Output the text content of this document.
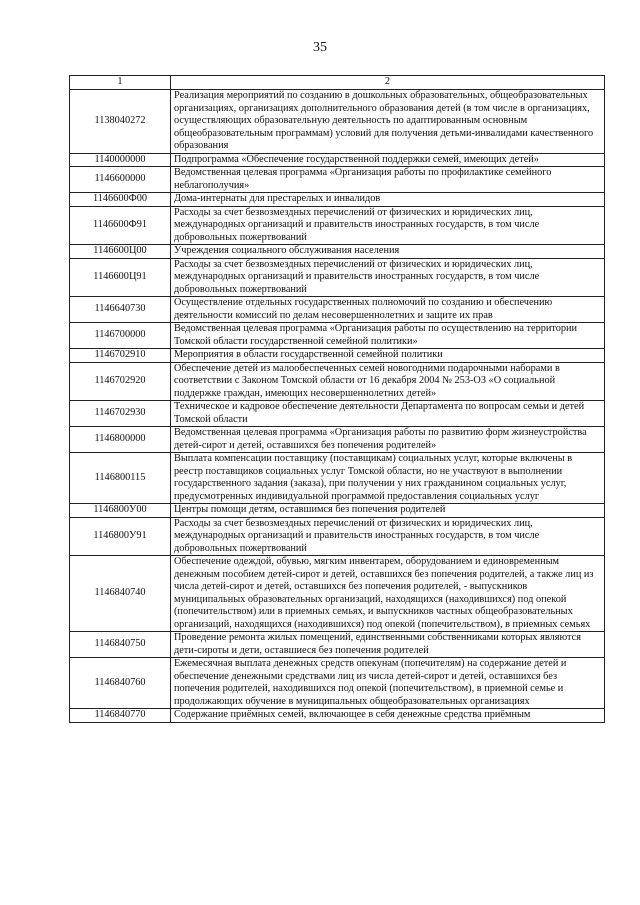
35
1	2
1138040272	Реализация мероприятий по созданию в дошкольных образовательных, общеобразовательных организациях, организациях дополнительного образования детей (в том числе в организациях, осуществляющих образовательную деятельность по адаптированным основным общеобразовательным программам) условий для получения детьми-инвалидами качественного образования
1140000000	Подпрограмма «Обеспечение государственной поддержки семей, имеющих детей»
1146600000	Ведомственная целевая программа «Организация работы по профилактике семейного неблагополучия»
1146600Ф00	Дома-интернаты для престарелых и инвалидов
1146600Ф91	Расходы за счет безвозмездных перечислений от физических и юридических лиц, международных организаций и правительств иностранных государств, в том числе добровольных пожертвований
1146600Ц00	Учреждения социального обслуживания населения
1146600Ц91	Расходы за счет безвозмездных перечислений от физических и юридических лиц, международных организаций и правительств иностранных государств, в том числе добровольных пожертвований
1146640730	Осуществление отдельных государственных полномочий по созданию и обеспечению деятельности комиссий по делам несовершеннолетних и защите их прав
1146700000	Ведомственная целевая программа «Организация работы по осуществлению на территории Томской области государственной семейной политики»
1146702910	Мероприятия в области государственной семейной политики
1146702920	Обеспечение детей из малообеспеченных семей новогодними подарочными наборами в соответствии с Законом Томской области от 16 декабря 2004 № 253-ОЗ «О социальной поддержке граждан, имеющих несовершеннолетних детей»
1146702930	Техническое и кадровое обеспечение деятельности Департамента по вопросам семьи и детей Томской области
1146800000	Ведомственная целевая программа «Организация работы по развитию форм жизнеустройства детей-сирот и детей, оставшихся без попечения родителей»
1146800115	Выплата компенсации поставщику (поставщикам) социальных услуг, которые включены в реестр поставщиков социальных услуг Томской области, но не участвуют в выполнении государственного задания (заказа), при получении у них гражданином социальных услуг, предусмотренных индивидуальной программой предоставления социальных услуг
1146800У00	Центры помощи детям, оставшимся без попечения родителей
1146800У91	Расходы за счет безвозмездных перечислений от физических и юридических лиц, международных организаций и правительств иностранных государств, в том числе добровольных пожертвований
1146840740	Обеспечение одеждой, обувью, мягким инвентарем, оборудованием и единовременным денежным пособием детей-сирот и детей, оставшихся без попечения родителей, а также лиц из числа детей-сирот и детей, оставшихся без попечения родителей, - выпускников муниципальных образовательных организаций, находящихся (находившихся) под опекой (попечительством) или в приемных семьях, и выпускников частных общеобразовательных организаций, находящихся (находившихся) под опекой (попечительством), в приемных семьях
1146840750	Проведение ремонта жилых помещений, единственными собственниками которых являются дети-сироты и дети, оставшиеся без попечения родителей
1146840760	Ежемесячная выплата денежных средств опекунам (попечителям) на содержание детей и обеспечение денежными средствами лиц из числа детей-сирот и детей, оставшихся без попечения родителей, находившихся под опекой (попечительством), в приемной семье и продолжающих обучение в муниципальных общеобразовательных организациях
1146840770	Содержание приёмных семей, включающее в себя денежные средства приёмным
